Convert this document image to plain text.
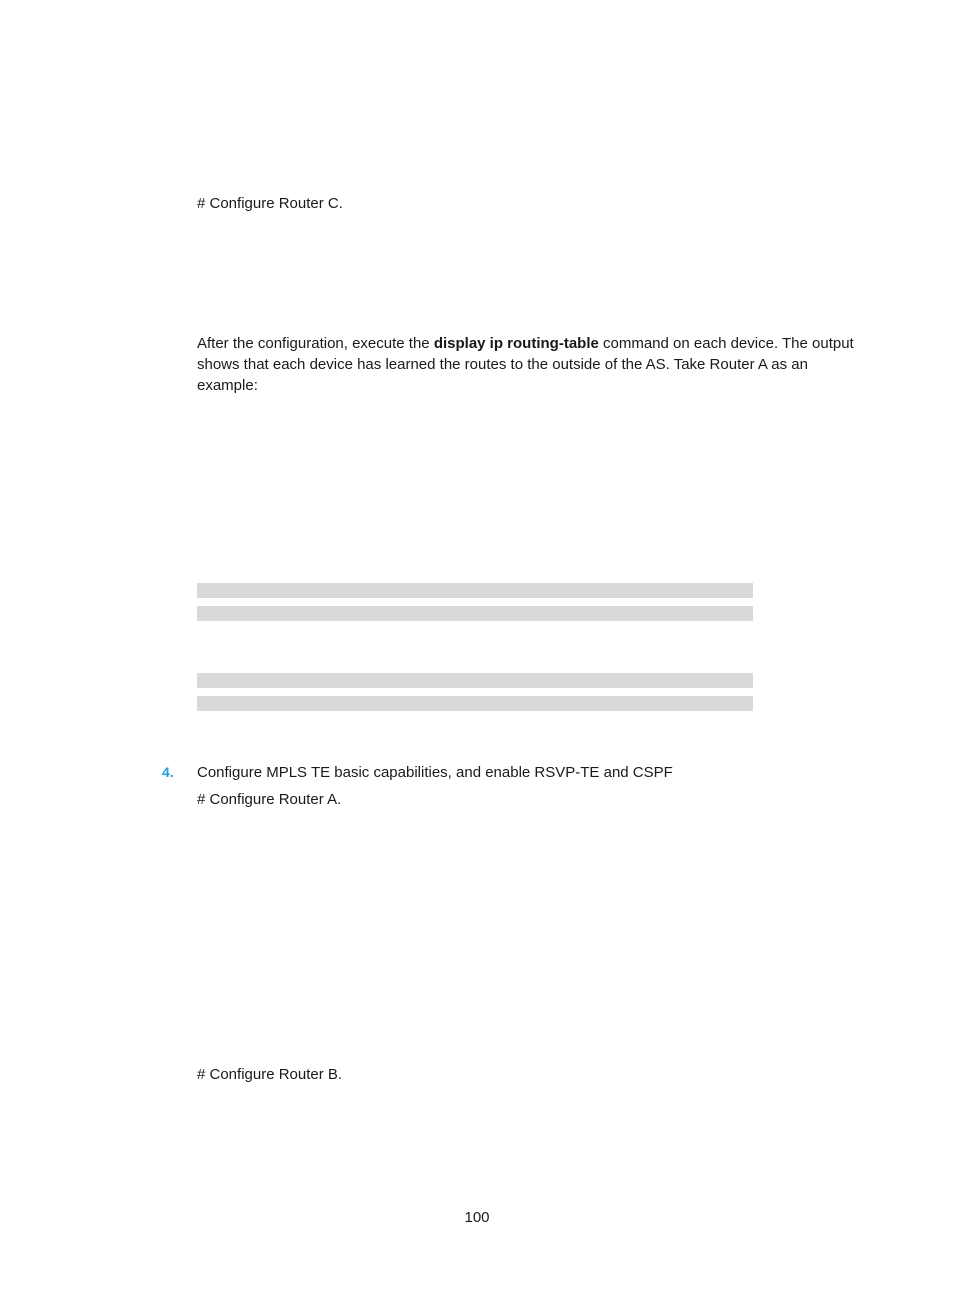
# Configure Router C.
After the configuration, execute the display ip routing-table command on each device. The output shows that each device has learned the routes to the outside of the AS. Take Router A as an example:
4. Configure MPLS TE basic capabilities, and enable RSVP-TE and CSPF
# Configure Router A.
# Configure Router B.
100
